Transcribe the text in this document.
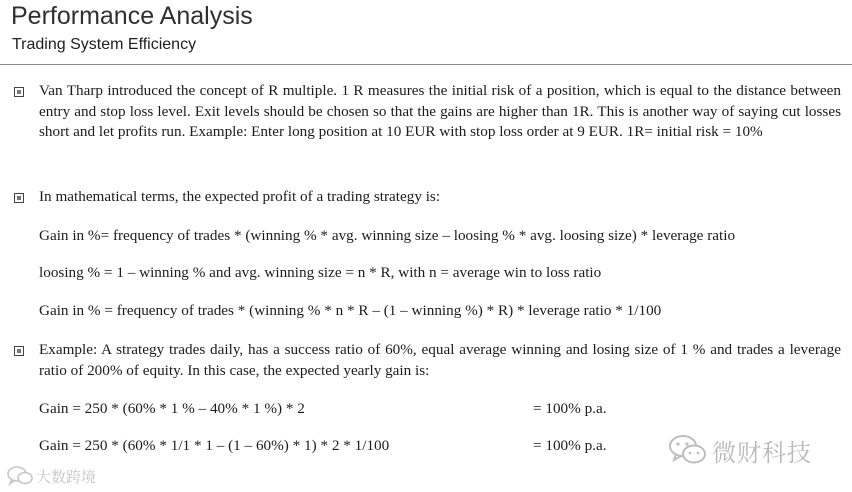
Performance Analysis
Trading System Efficiency

Van Tharp introduced the concept of R multiple. 1 R measures the initial risk of a position, which is equal to the distance between entry and stop loss level. Exit levels should be chosen so that the gains are higher than 1R. This is another way of saying cut losses short and let profits run. Example: Enter long position at 10 EUR with stop loss order at 9 EUR. 1R= initial risk = 10%

In mathematical terms, the expected profit of a trading strategy is:
Gain in %= frequency of trades * (winning % * avg. winning size – loosing % * avg. loosing size) * leverage ratio
loosing % = 1 – winning % and avg. winning size = n * R, with n = average win to loss ratio
Gain in % = frequency of trades * (winning % * n * R – (1 – winning %) * R) * leverage ratio * 1/100

Example: A strategy trades daily, has a success ratio of 60%, equal average winning and losing size of 1 % and trades a leverage ratio of 200% of equity. In this case, the expected yearly gain is:

Gain = 250 * (60% * 1 % – 40% * 1 %) * 2	= 100% p.a.
Gain = 250 * (60% * 1/1 * 1 – (1 – 60%) * 1) * 2 * 1/100	= 100% p.a.	微财科技
大数跨境
